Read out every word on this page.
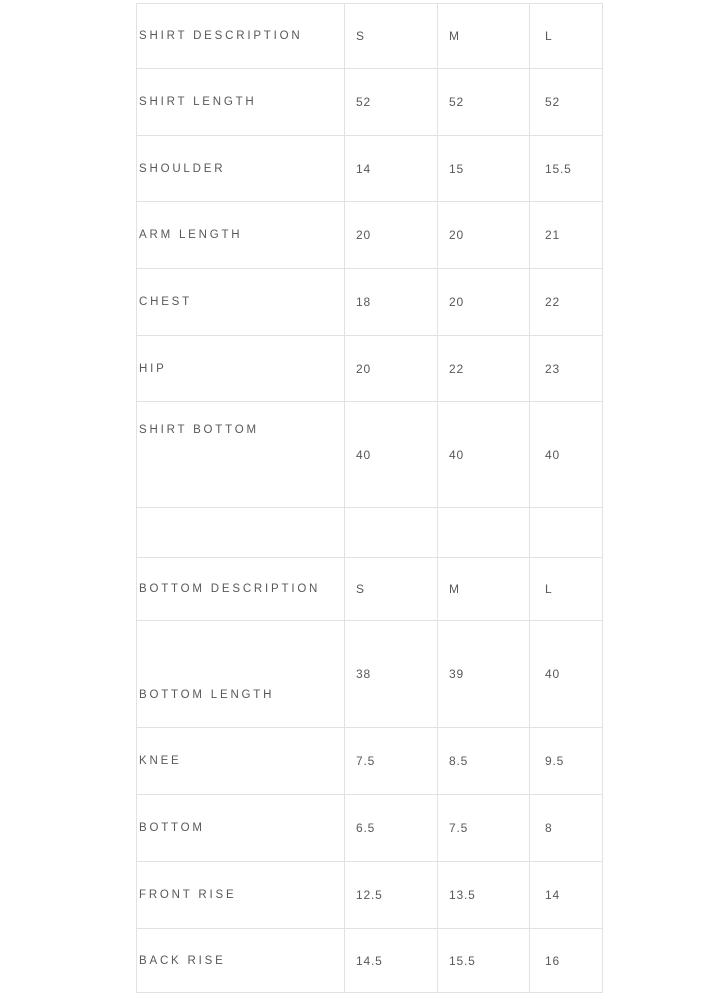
SHIRT DESCRIPTION	S	M	L
SHIRT LENGTH	52	52	52
SHOULDER	14	15	15.5
ARM LENGTH	20	20	21
CHEST	18	20	22
HIP	20	22	23
SHIRT BOTTOM	40	40	40

BOTTOM DESCRIPTION	S	M	L
BOTTOM LENGTH	38	39	40
KNEE	7.5	8.5	9.5
BOTTOM	6.5	7.5	8
FRONT RISE	12.5	13.5	14
BACK RISE	14.5	15.5	16
